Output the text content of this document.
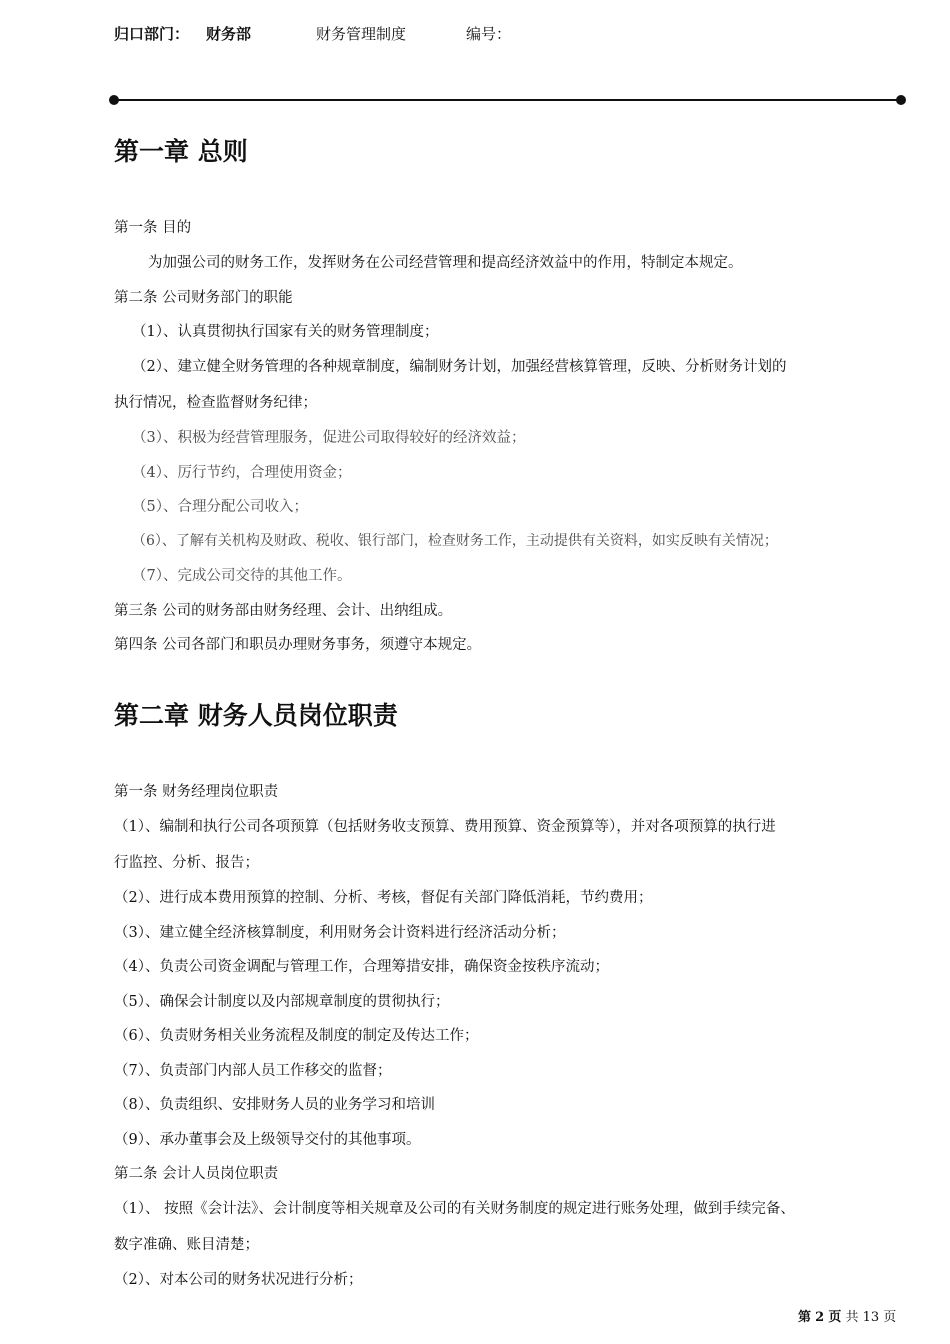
归口部门： 财务部	财务管理制度	编号：
第一章 总则
第一条 目的
为加强公司的财务工作，发挥财务在公司经营管理和提高经济效益中的作用，特制定本规定。
第二条 公司财务部门的职能
（1）、认真贯彻执行国家有关的财务管理制度；
（2）、建立健全财务管理的各种规章制度，编制财务计划，加强经营核算管理，反映、分析财务计划的
执行情况，检查监督财务纪律；
（3）、积极为经营管理服务，促进公司取得较好的经济效益；
（4）、厉行节约，合理使用资金；
（5）、合理分配公司收入；
（6）、了解有关机构及财政、税收、银行部门，检查财务工作，主动提供有关资料，如实反映有关情况；
（7）、完成公司交待的其他工作。
第三条 公司的财务部由财务经理、会计、出纳组成。
第四条 公司各部门和职员办理财务事务，须遵守本规定。
第二章 财务人员岗位职责
第一条 财务经理岗位职责
（1）、编制和执行公司各项预算（包括财务收支预算、费用预算、资金预算等），并对各项预算的执行进
行监控、分析、报告；
（2）、进行成本费用预算的控制、分析、考核，督促有关部门降低消耗，节约费用；
（3）、建立健全经济核算制度，利用财务会计资料进行经济活动分析；
（4）、负责公司资金调配与管理工作，合理筹措安排，确保资金按秩序流动；
（5）、确保会计制度以及内部规章制度的贯彻执行；
（6）、负责财务相关业务流程及制度的制定及传达工作；
（7）、负责部门内部人员工作移交的监督；
（8）、负责组织、安排财务人员的业务学习和培训
（9）、承办董事会及上级领导交付的其他事项。
第二条 会计人员岗位职责
（1）、 按照《会计法》、会计制度等相关规章及公司的有关财务制度的规定进行账务处理，做到手续完备、
数字准确、账目清楚；
（2）、对本公司的财务状况进行分析；
第 2 页 共 13 页
